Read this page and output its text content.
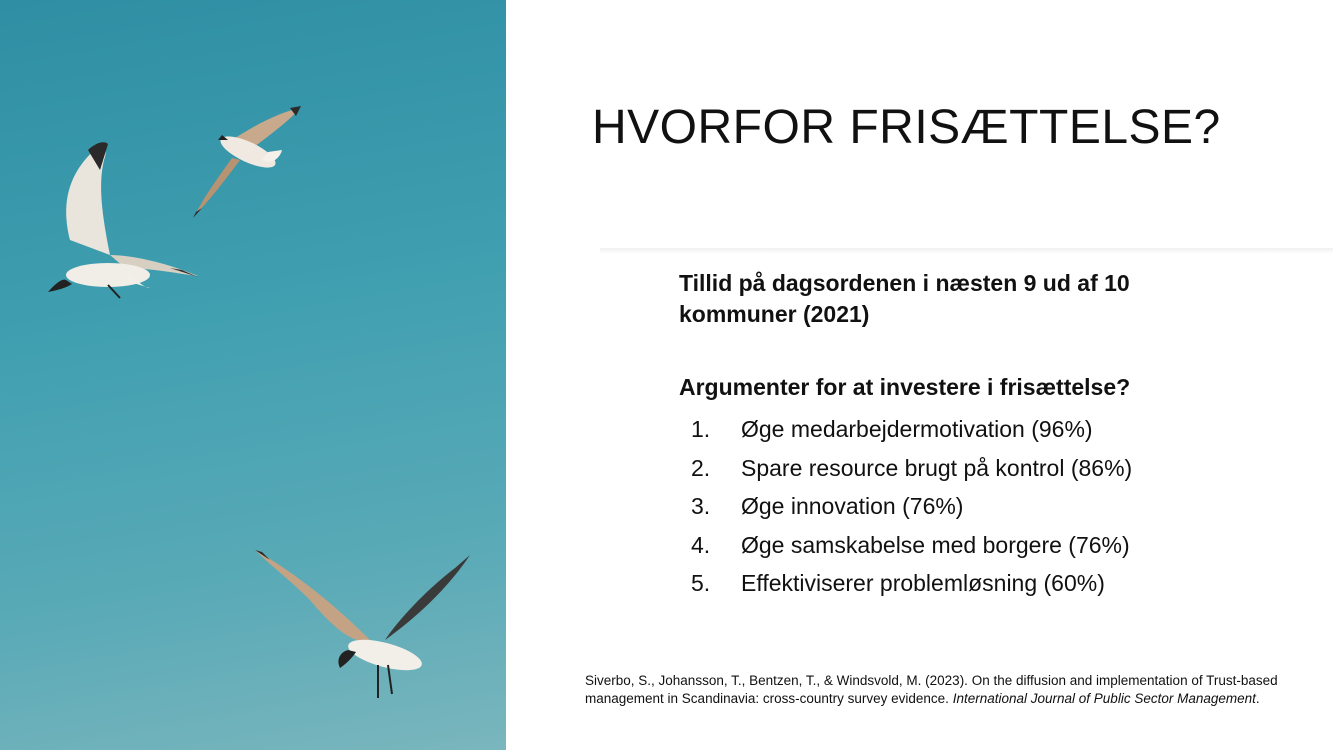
HVORFOR FRISÆTTELSE?

Tillid på dagsordenen i næsten 9 ud af 10 kommuner (2021)

Argumenter for at investere i frisættelse?

1.	Øge medarbejdermotivation (96%)
2.	Spare resource brugt på kontrol (86%)
3.	Øge innovation (76%)
4.	Øge samskabelse med borgere (76%)
5.	Effektiviserer problemløsning (60%)
Siverbo, S., Johansson, T., Bentzen, T., & Windsvold, M. (2023). On the diffusion and implementation of Trust-based management in Scandinavia: cross-country survey evidence. International Journal of Public Sector Management.
